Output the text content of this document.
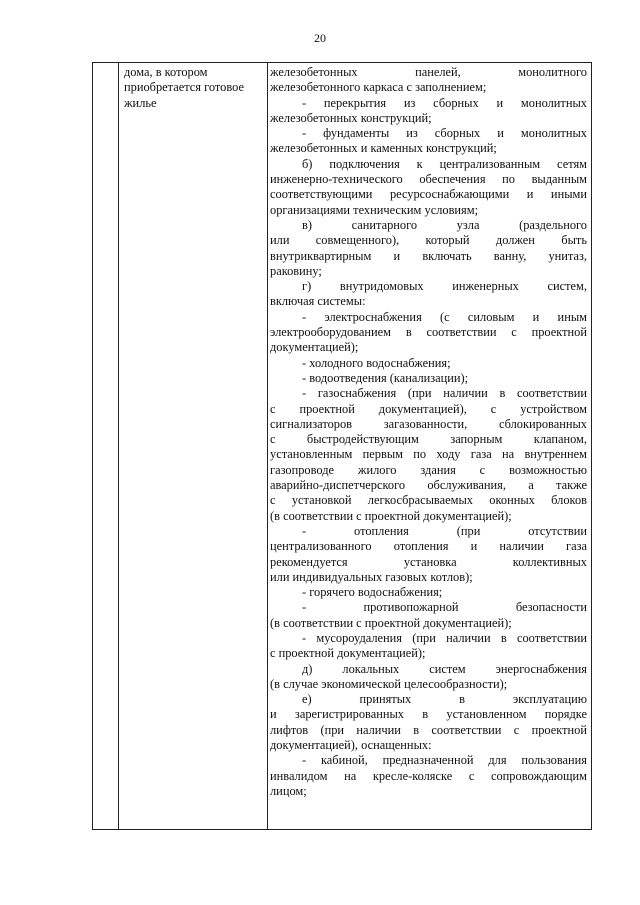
20
дома, в котором
приобретается готовое
жилье
железобетонных панелей, монолитного
железобетонного каркаса с заполнением;
- перекрытия из сборных и монолитных
железобетонных конструкций;
- фундаменты из сборных и монолитных
железобетонных и каменных конструкций;
б) подключения к централизованным сетям
инженерно-технического обеспечения по выданным
соответствующими ресурсоснабжающими и иными
организациями техническим условиям;
в) санитарного узла (раздельного
или совмещенного), который должен быть
внутриквартирным и включать ванну, унитаз,
раковину;
г) внутридомовых инженерных систем,
включая системы:
- электроснабжения (с силовым и иным
электрооборудованием в соответствии с проектной
документацией);
- холодного водоснабжения;
- водоотведения (канализации);
- газоснабжения (при наличии в соответствии
с проектной документацией), с устройством
сигнализаторов загазованности, сблокированных
с быстродействующим запорным клапаном,
установленным первым по ходу газа на внутреннем
газопроводе жилого здания с возможностью
аварийно-диспетчерского обслуживания, а также
с установкой легкосбрасываемых оконных блоков
(в соответствии с проектной документацией);
- отопления (при отсутствии
централизованного отопления и наличии газа
рекомендуется установка коллективных
или индивидуальных газовых котлов);
- горячего водоснабжения;
- противопожарной безопасности
(в соответствии с проектной документацией);
- мусороудаления (при наличии в соответствии
с проектной документацией);
д) локальных систем энергоснабжения
(в случае экономической целесообразности);
е) принятых в эксплуатацию
и зарегистрированных в установленном порядке
лифтов (при наличии в соответствии с проектной
документацией), оснащенных:
- кабиной, предназначенной для пользования
инвалидом на кресле-коляске с сопровождающим
лицом;
